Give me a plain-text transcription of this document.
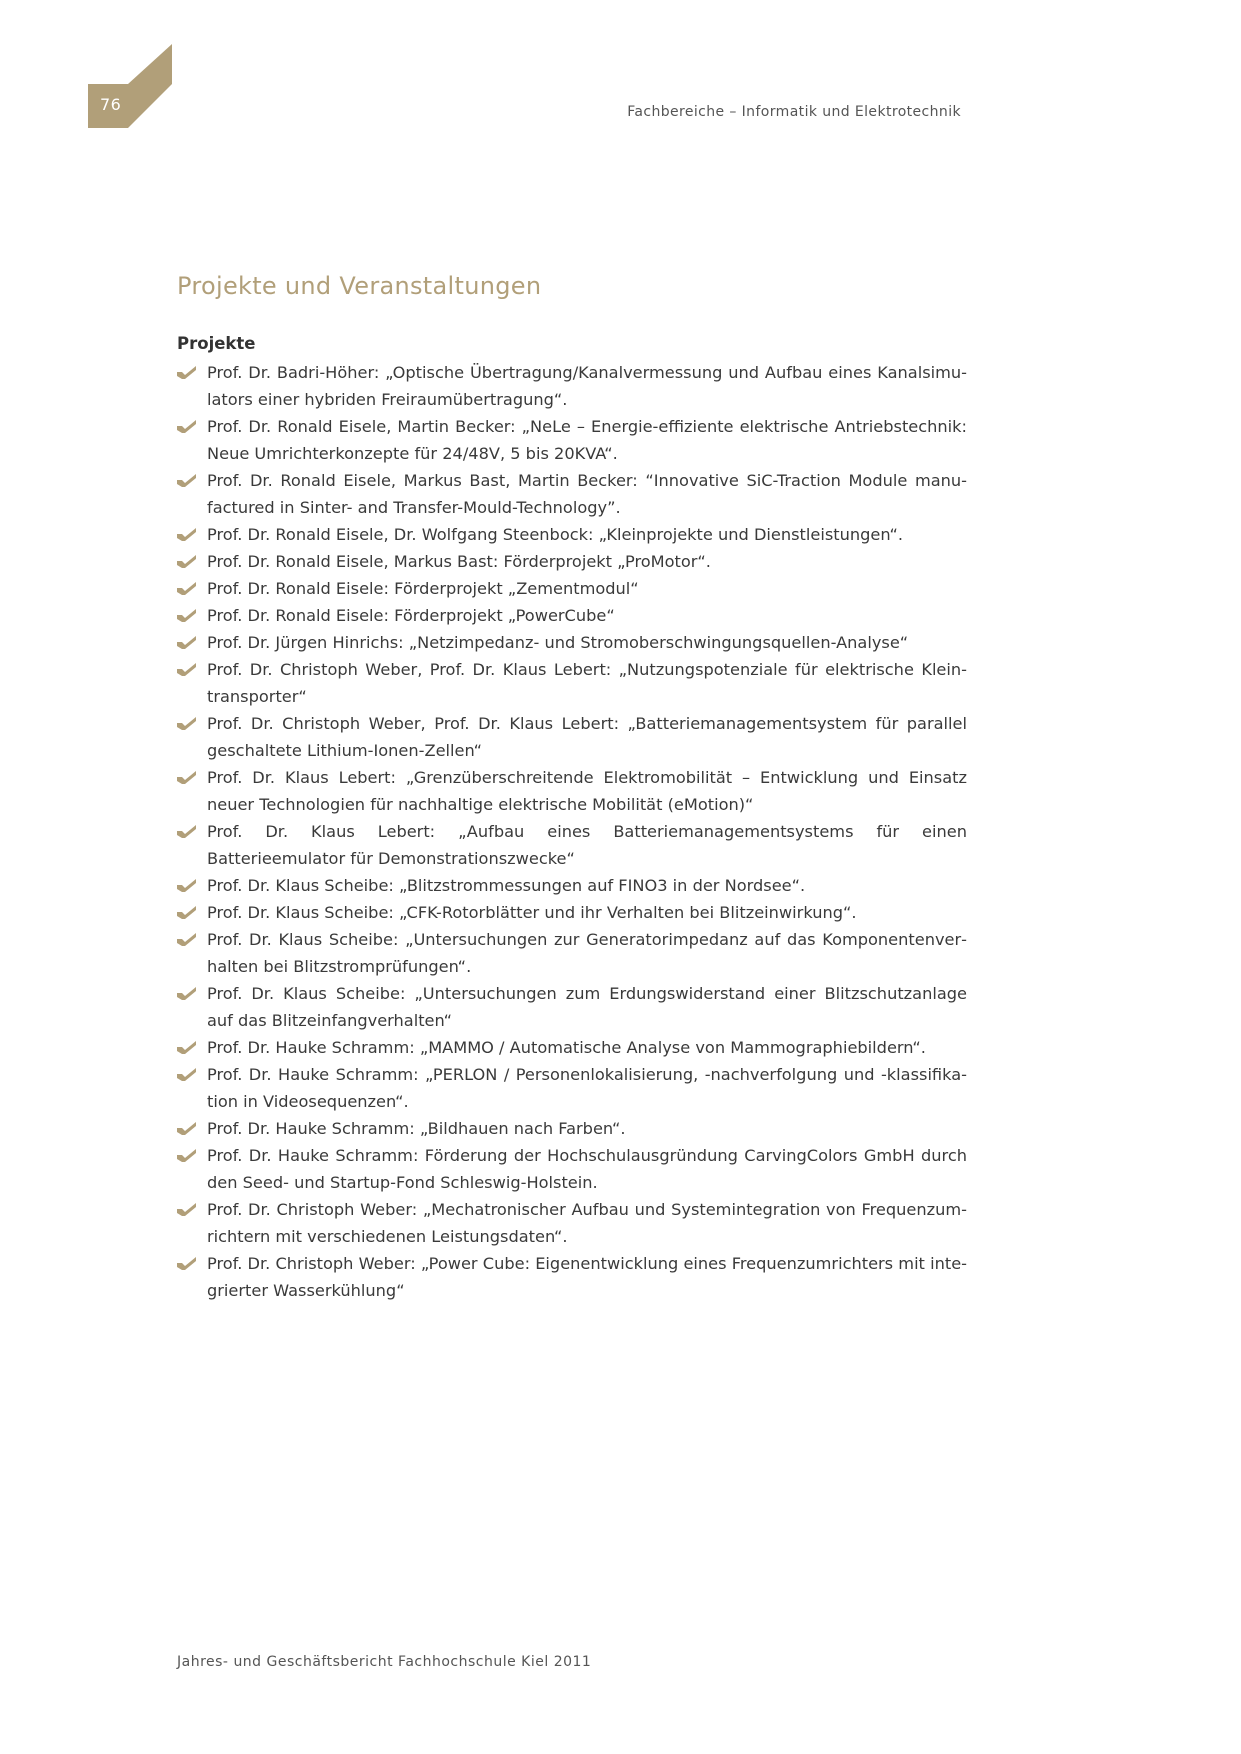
76	Fachbereiche – Informatik und Elektrotechnik
Projekte und Veranstaltungen
Projekte
Prof. Dr. Badri-Höher: „Optische Übertragung/Kanalvermessung und Aufbau eines Kanalsimulators einer hybriden Freiraumübertragung“.
Prof. Dr. Ronald Eisele, Martin Becker: „NeLe – Energie-effiziente elektrische Antriebstechnik: Neue Umrichterkonzepte für 24/48V, 5 bis 20KVA“.
Prof. Dr. Ronald Eisele, Markus Bast, Martin Becker: “Innovative SiC-Traction Module manufactured in Sinter- and Transfer-Mould-Technology”.
Prof. Dr. Ronald Eisele, Dr. Wolfgang Steenbock: „Kleinprojekte und Dienstleistungen“.
Prof. Dr. Ronald Eisele, Markus Bast: Förderprojekt „ProMotor“.
Prof. Dr. Ronald Eisele: Förderprojekt „Zementmodul“
Prof. Dr. Ronald Eisele: Förderprojekt „PowerCube“
Prof. Dr. Jürgen Hinrichs: „Netzimpedanz- und Stromoberschwingungsquellen-Analyse“
Prof. Dr. Christoph Weber, Prof. Dr. Klaus Lebert: „Nutzungspotenziale für elektrische Kleintransporter“
Prof. Dr. Christoph Weber, Prof. Dr. Klaus Lebert: „Batteriemanagementsystem für parallel geschaltete Lithium-Ionen-Zellen“
Prof. Dr. Klaus Lebert: „Grenzüberschreitende Elektromobilität – Entwicklung und Einsatz neuer Technologien für nachhaltige elektrische Mobilität (eMotion)“
Prof. Dr. Klaus Lebert: „Aufbau eines Batteriemanagementsystems für einen Batterieemulator für Demonstrationszwecke“
Prof. Dr. Klaus Scheibe: „Blitzstrommessungen auf FINO3 in der Nordsee“.
Prof. Dr. Klaus Scheibe: „CFK-Rotorblätter und ihr Verhalten bei Blitzeinwirkung“.
Prof. Dr. Klaus Scheibe: „Untersuchungen zur Generatorimpedanz auf das Komponentenverhalten bei Blitzstromprüfungen“.
Prof. Dr. Klaus Scheibe: „Untersuchungen zum Erdungswiderstand einer Blitzschutzanlage auf das Blitzeinfangverhalten“
Prof. Dr. Hauke Schramm: „MAMMO / Automatische Analyse von Mammographiebildern“.
Prof. Dr. Hauke Schramm: „PERLON / Personenlokalisierung, -nachverfolgung und -klassifikation in Videosequenzen“.
Prof. Dr. Hauke Schramm: „Bildhauen nach Farben“.
Prof. Dr. Hauke Schramm: Förderung der Hochschulausgründung CarvingColors GmbH durch den Seed- und Startup-Fond Schleswig-Holstein.
Prof. Dr. Christoph Weber: „Mechatronischer Aufbau und Systemintegration von Frequenzumrichtern mit verschiedenen Leistungsdaten“.
Prof. Dr. Christoph Weber: „Power Cube: Eigenentwicklung eines Frequenzumrichters mit integrierter Wasserkühlung“
Jahres- und Geschäftsbericht Fachhochschule Kiel 2011
